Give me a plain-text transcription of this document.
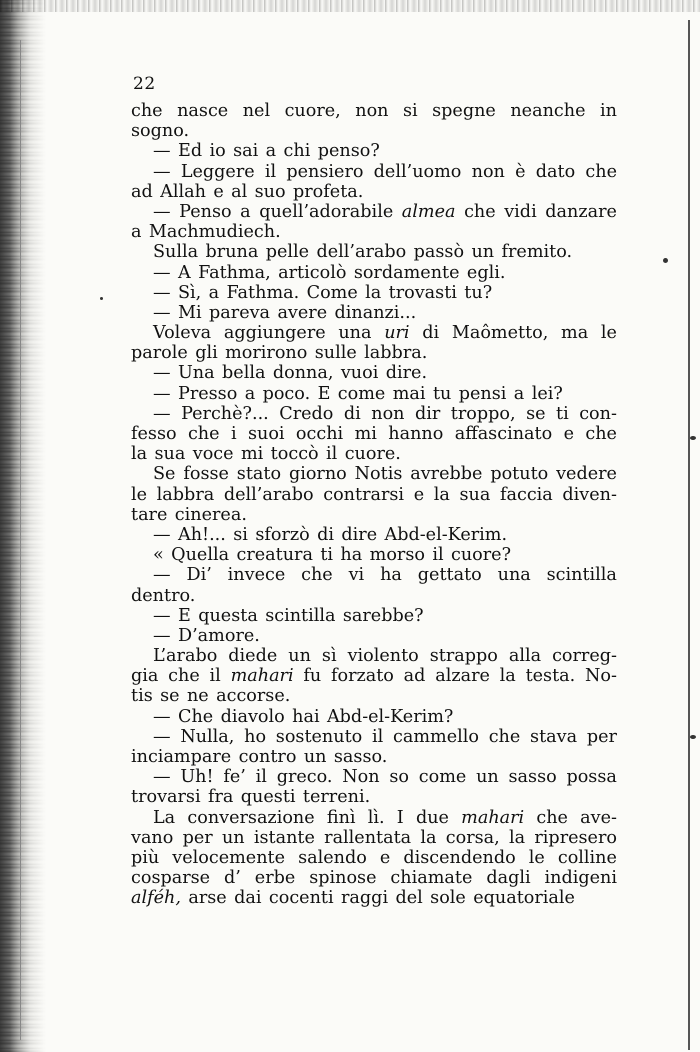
22
che nasce nel cuore, non si spegne neanche in
sogno.
— Ed io sai a chi penso?
— Leggere il pensiero dell’uomo non è dato che
ad Allah e al suo profeta.
— Penso a quell’adorabile almea che vidi danzare
a Machmudiech.
Sulla bruna pelle dell’arabo passò un fremito.
— A Fathma, articolò sordamente egli.
— Sì, a Fathma. Come la trovasti tu?
— Mi pareva avere dinanzi...
Voleva aggiungere una uri di Maômetto, ma le
parole gli morirono sulle labbra.
— Una bella donna, vuoi dire.
— Presso a poco. E come mai tu pensi a lei?
— Perchè?... Credo di non dir troppo, se ti con-
fesso che i suoi occhi mi hanno affascinato e che
la sua voce mi toccò il cuore.
Se fosse stato giorno Notis avrebbe potuto vedere
le labbra dell’arabo contrarsi e la sua faccia diven-
tare cinerea.
— Ah!... si sforzò di dire Abd-el-Kerim.
« Quella creatura ti ha morso il cuore?
— Di’ invece che vi ha gettato una scintilla
dentro.
— E questa scintilla sarebbe?
— D’amore.
L’arabo diede un sì violento strappo alla correg-
gia che il mahari fu forzato ad alzare la testa. No-
tis se ne accorse.
— Che diavolo hai Abd-el-Kerim?
— Nulla, ho sostenuto il cammello che stava per
inciampare contro un sasso.
— Uh! fe’ il greco. Non so come un sasso possa
trovarsi fra questi terreni.
La conversazione finì lì. I due mahari che ave-
vano per un istante rallentata la corsa, la ripresero
più velocemente salendo e discendendo le colline
cosparse d’ erbe spinose chiamate dagli indigeni
alféh, arse dai cocenti raggi del sole equatoriale
